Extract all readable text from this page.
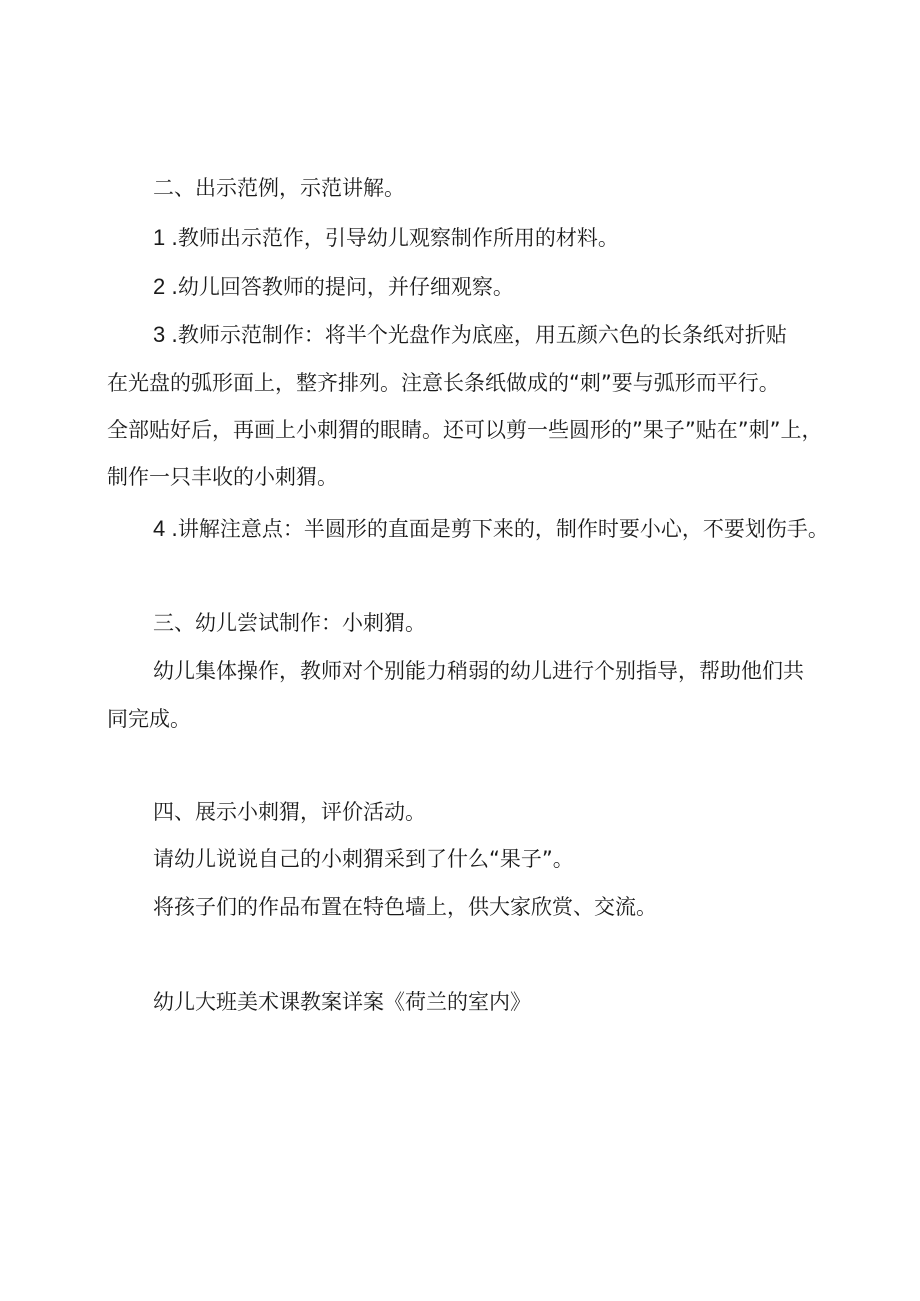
二、出示范例，示范讲解。

1 .教师出示范作，引导幼儿观察制作所用的材料。

2 .幼儿回答教师的提问，并仔细观察。

3 .教师示范制作：将半个光盘作为底座，用五颜六色的长条纸对折贴

在光盘的弧形面上，整齐排列。注意长条纸做成的“刺”要与弧形而平行。

全部贴好后，再画上小刺猬的眼睛。还可以剪一些圆形的”果子”贴在”刺”上，

制作一只丰收的小刺猬。

4 .讲解注意点：半圆形的直面是剪下来的，制作时要小心，不要划伤手。

三、幼儿尝试制作：小刺猬。

幼儿集体操作，教师对个别能力稍弱的幼儿进行个别指导，帮助他们共

同完成。

四、展示小刺猬，评价活动。

请幼儿说说自己的小刺猬采到了什么“果子”。

将孩子们的作品布置在特色墙上，供大家欣赏、交流。

幼儿大班美术课教案详案《荷兰的室内》
